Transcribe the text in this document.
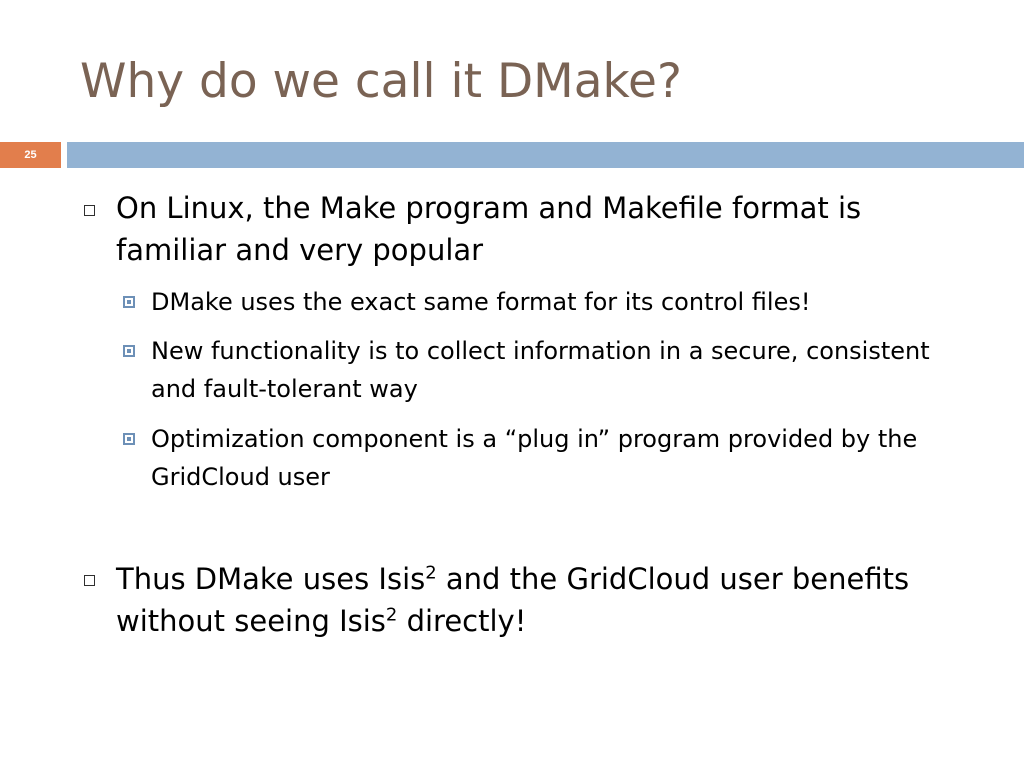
Why do we call it DMake?
25
On Linux, the Make program and Makefile format is familiar and very popular
DMake uses the exact same format for its control files!
New functionality is to collect information in a secure, consistent and fault-tolerant way
Optimization component is a “plug in” program provided by the GridCloud user
Thus DMake uses Isis$^2$ and the GridCloud user benefits without seeing Isis$^2$ directly!
